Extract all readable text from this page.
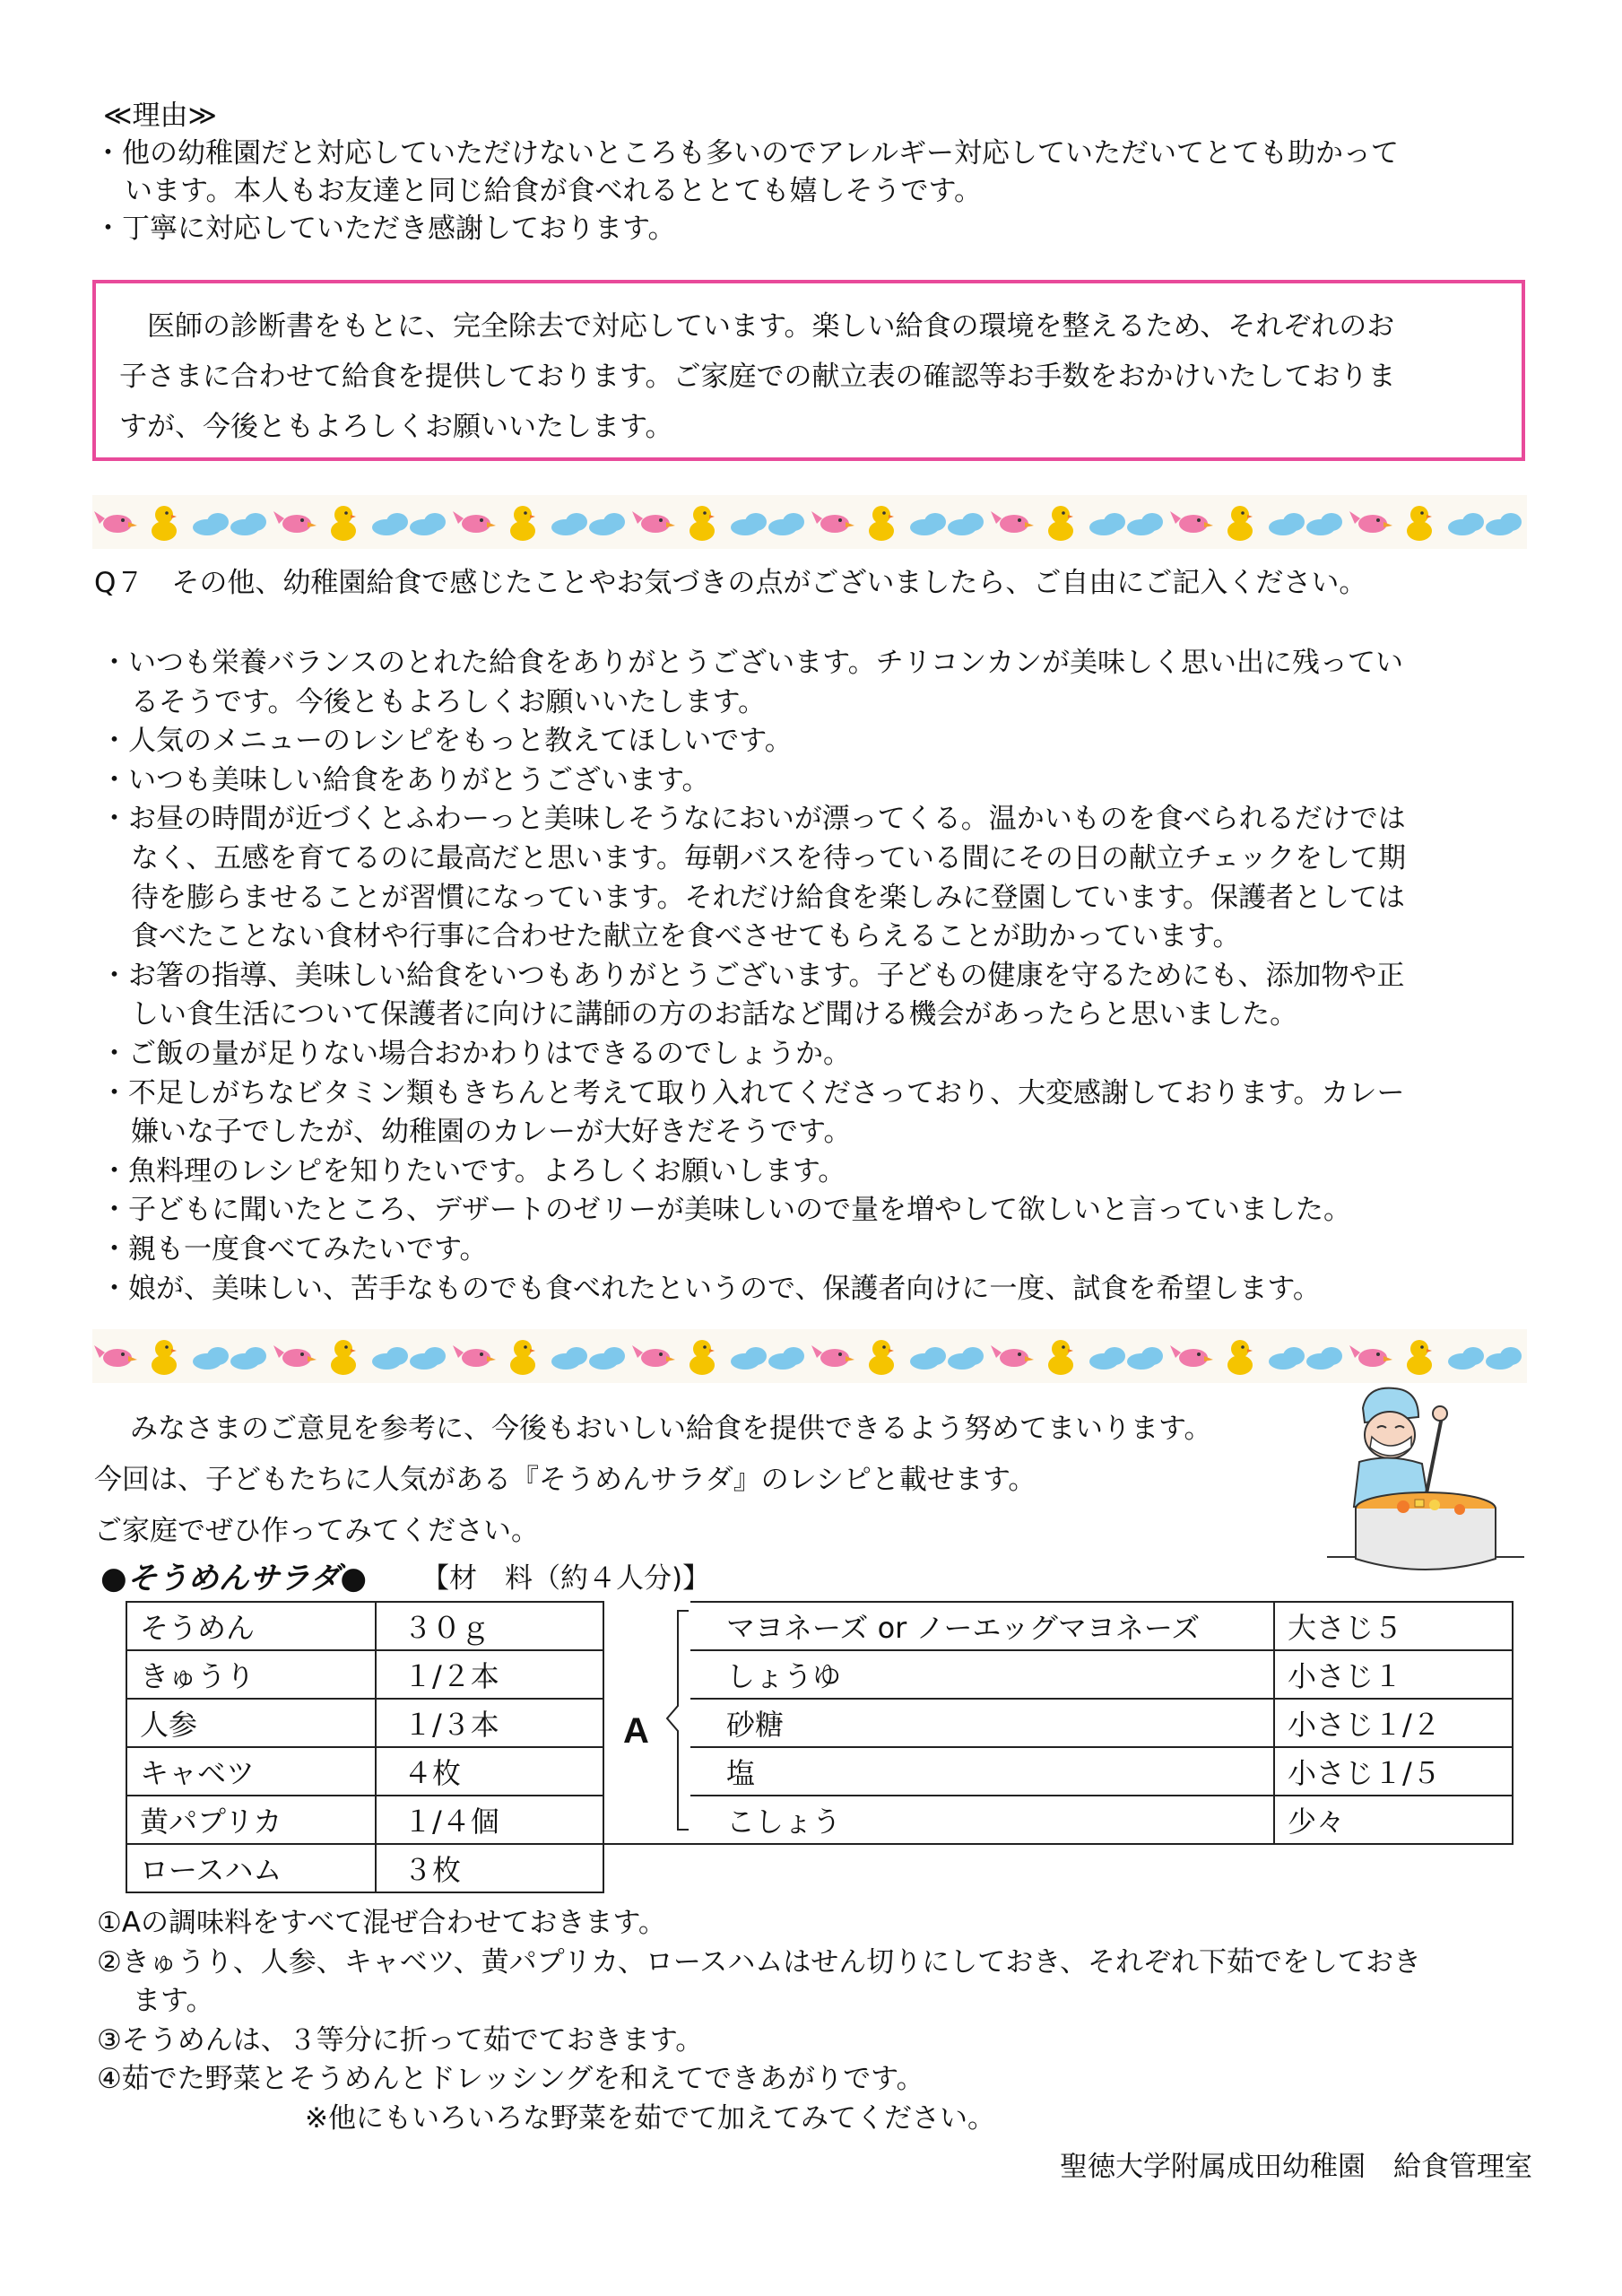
≪理由≫
・他の幼稚園だと対応していただけないところも多いのでアレルギー対応していただいてとても助かって
います。本人もお友達と同じ給食が食べれるととても嬉しそうです。
・丁寧に対応していただき感謝しております。

　医師の診断書をもとに、完全除去で対応しています。楽しい給食の環境を整えるため、それぞれのお

子さまに合わせて給食を提供しております。ご家庭での献立表の確認等お手数をおかけいたしておりま

すが、今後ともよろしくお願いいたします。

Q７　その他、幼稚園給食で感じたことやお気づきの点がございましたら、ご自由にご記入ください。
・いつも栄養バランスのとれた給食をありがとうございます。チリコンカンが美味しく思い出に残ってい
るそうです。今後ともよろしくお願いいたします。
・人気のメニューのレシピをもっと教えてほしいです。
・いつも美味しい給食をありがとうございます。
・お昼の時間が近づくとふわーっと美味しそうなにおいが漂ってくる。温かいものを食べられるだけでは
なく、五感を育てるのに最高だと思います。毎朝バスを待っている間にその日の献立チェックをして期
待を膨らませることが習慣になっています。それだけ給食を楽しみに登園しています。保護者としては
食べたことない食材や行事に合わせた献立を食べさせてもらえることが助かっています。
・お箸の指導、美味しい給食をいつもありがとうございます。子どもの健康を守るためにも、添加物や正
しい食生活について保護者に向けに講師の方のお話など聞ける機会があったらと思いました。
・ご飯の量が足りない場合おかわりはできるのでしょうか。
・不足しがちなビタミン類もきちんと考えて取り入れてくださっており、大変感謝しております。カレー
嫌いな子でしたが、幼稚園のカレーが大好きだそうです。
・魚料理のレシピを知りたいです。よろしくお願いします。
・子どもに聞いたところ、デザートのゼリーが美味しいので量を増やして欲しいと言っていました。
・親も一度食べてみたいです。
・娘が、美味しい、苦手なものでも食べれたというので、保護者向けに一度、試食を希望します。
みなさまのご意見を参考に、今後もおいしい給食を提供できるよう努めてまいります。
今回は、子どもたちに人気がある『そうめんサラダ』のレシピと載せます。
ご家庭でぜひ作ってみてください。
●そうめんサラダ● 【材　料（約４人分)】
そうめん	３０ｇ	
きゅうり	１/２本	
人参	１/３本	
キャベツ	４枚	
黄パプリカ	１/４個	
ロースハム	３枚	
A
マヨネーズ or ノーエッグマヨネーズ	大さじ５
しょうゆ	小さじ１
砂糖	小さじ１/２
塩	小さじ１/５
こしょう	少々
①Aの調味料をすべて混ぜ合わせておきます。
②きゅうり、人参、キャベツ、黄パプリカ、ロースハムはせん切りにしておき、それぞれ下茹でをしておき
ます。
③そうめんは、３等分に折って茹でておきます。
④茹でた野菜とそうめんとドレッシングを和えてできあがりです。
※他にもいろいろな野菜を茹でて加えてみてください。
聖徳大学附属成田幼稚園　給食管理室
